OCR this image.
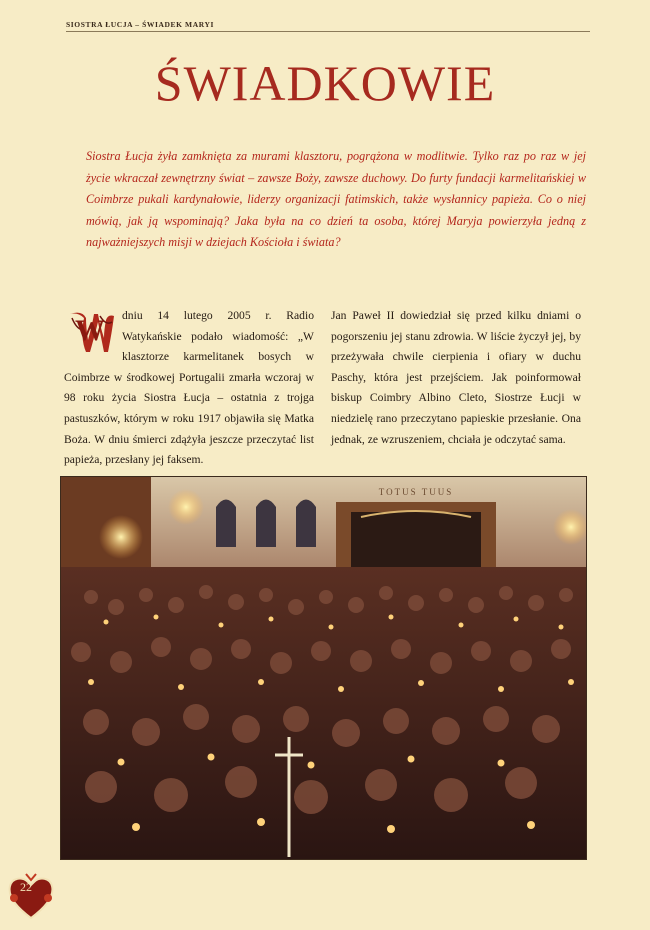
SIOSTRA ŁUCJA – ŚWIADEK MARYI
ŚWIADKOWIE

Siostra Łucja żyła zamknięta za murami klasztoru, pogrążona w modlitwie. Tylko raz po raz w jej życie wkraczał zewnętrzny świat – zawsze Boży, zawsze duchowy. Do furty fundacji karmelitańskiej w Coimbrze pukali kardynałowie, liderzy organizacji fatimskich, także wysłannicy papieża. Co o niej mówią, jak ją wspominają? Jaka była na co dzień ta osoba, której Maryja powierzyła jedną z najważniejszych misji w dziejach Kościoła i świata?

W dniu 14 lutego 2005 r. Radio Watykańskie podało wiadomość: „W klasztorze karmelitanek bosych w Coimbrze w środkowej Portugalii zmarła wczoraj w 98 roku życia Siostra Łucja – ostatnia z trojga pastuszków, którym w roku 1917 objawiła się Matka Boża. W dniu śmierci zdążyła jeszcze przeczytać list papieża, przesłany jej faksem.
Jan Paweł II dowiedział się przed kilku dniami o pogorszeniu jej stanu zdrowia. W liście życzył jej, by przeżywała chwile cierpienia i ofiary w duchu Paschy, która jest przejściem. Jak poinformował biskup Coimbry Albino Cleto, Siostrze Łucji w niedzielę rano przeczytano papieskie przesłanie. Ona jednak, ze wzruszeniem, chciała je odczytać sama.
TOTUS TUUS
22
